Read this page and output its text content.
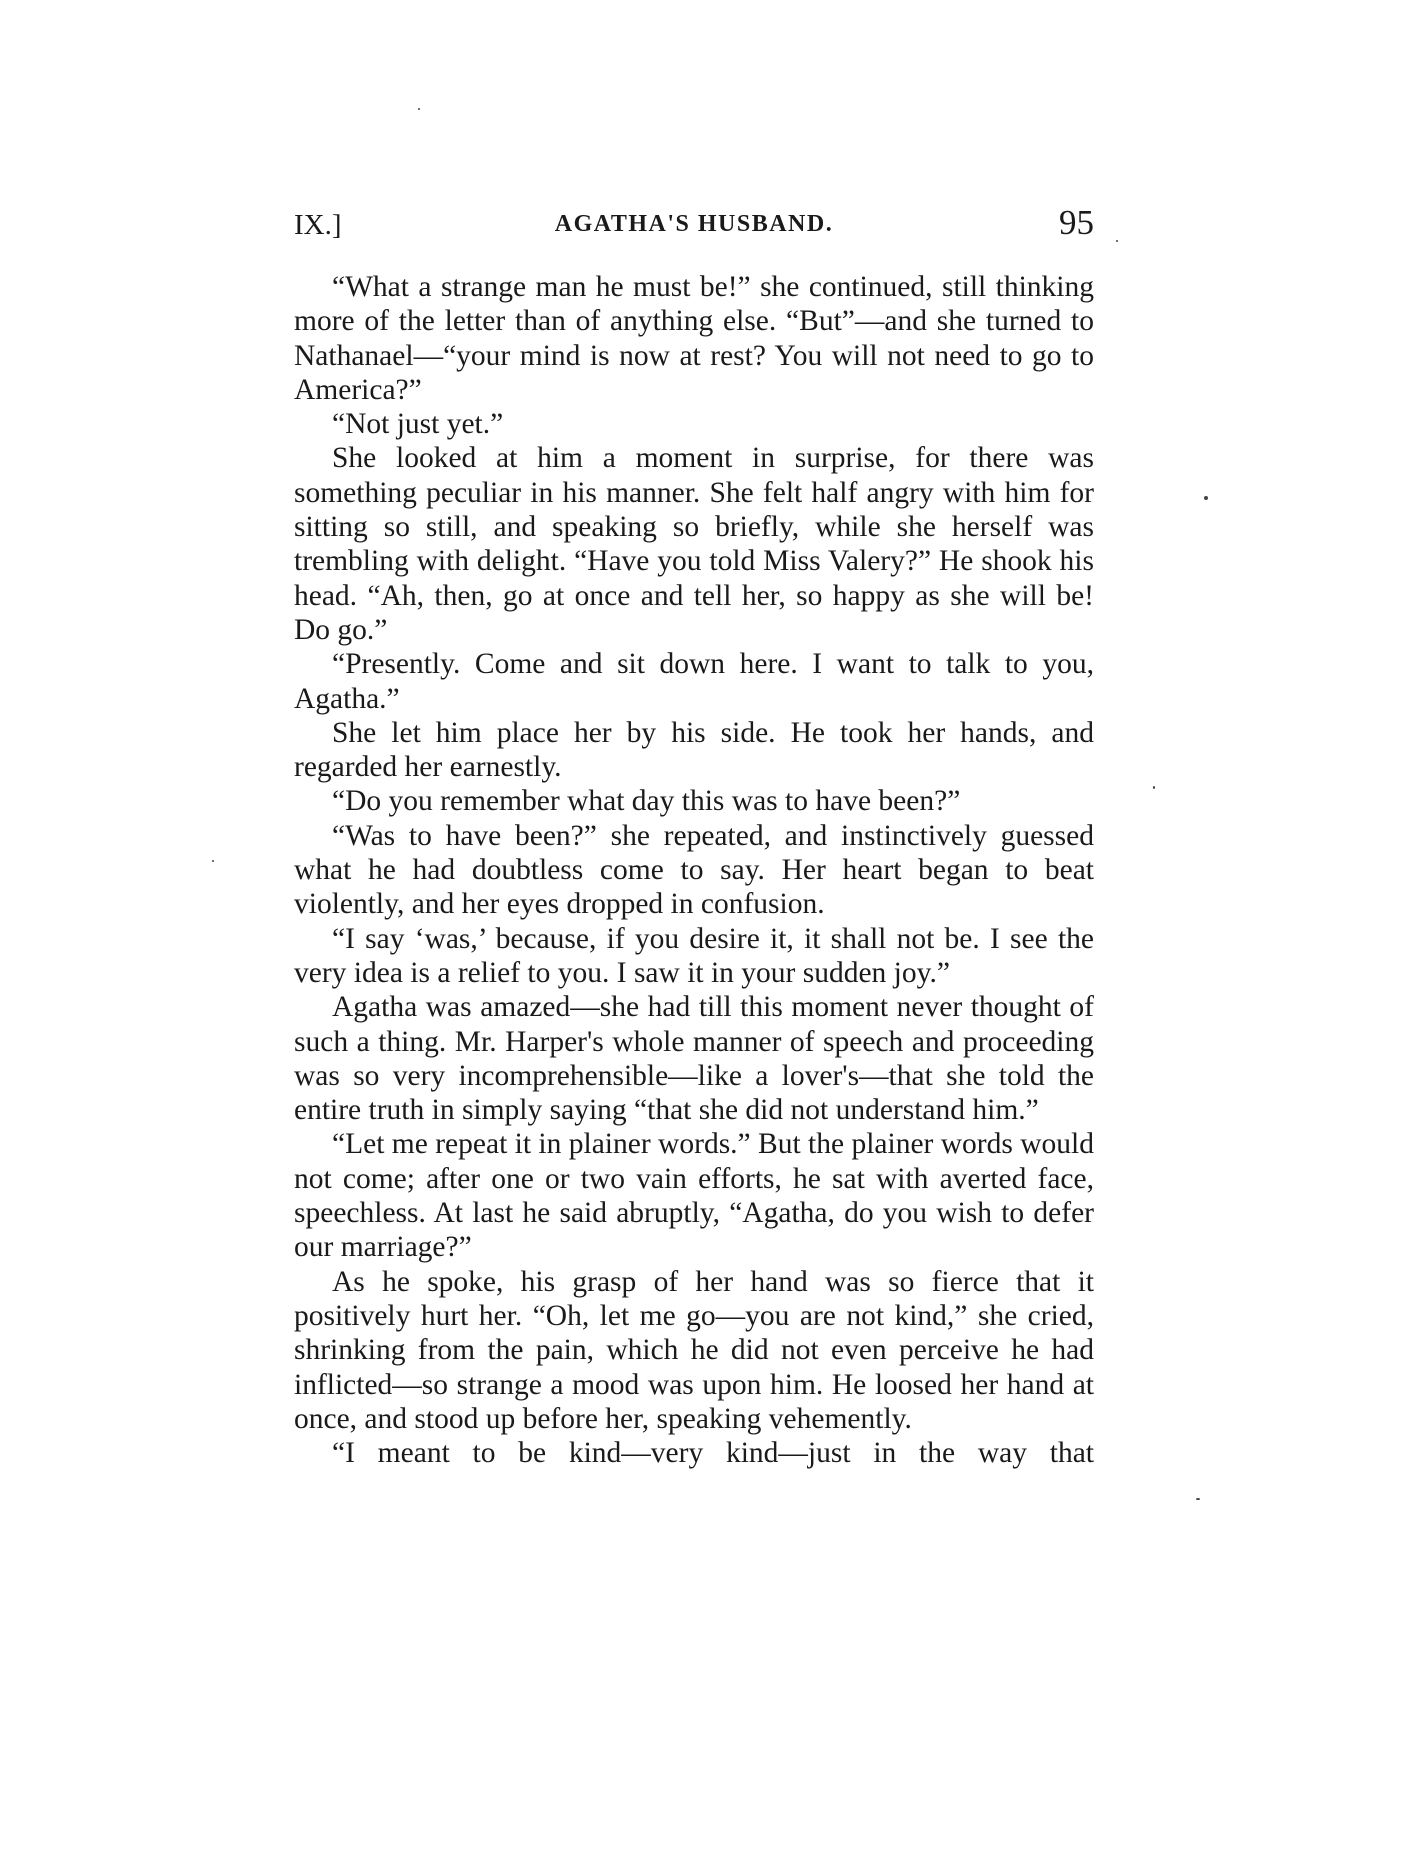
IX.]	AGATHA'S HUSBAND.	95

“What a strange man he must be!” she continued, still thinking more of the letter than of anything else. “But”—and she turned to Nathanael—“your mind is now at rest? You will not need to go to America?”

“Not just yet.”

She looked at him a moment in surprise, for there was something peculiar in his manner. She felt half angry with him for sitting so still, and speaking so briefly, while she herself was trembling with delight. “Have you told Miss Valery?” He shook his head. “Ah, then, go at once and tell her, so happy as she will be! Do go.”

“Presently. Come and sit down here. I want to talk to you, Agatha.”

She let him place her by his side. He took her hands, and regarded her earnestly.

“Do you remember what day this was to have been?”

“Was to have been?” she repeated, and instinctively guessed what he had doubtless come to say. Her heart began to beat violently, and her eyes dropped in confusion.

“I say ‘was,’ because, if you desire it, it shall not be. I see the very idea is a relief to you. I saw it in your sudden joy.”

Agatha was amazed—she had till this moment never thought of such a thing. Mr. Harper's whole manner of speech and proceeding was so very incomprehensible—like a lover's—that she told the entire truth in simply saying “that she did not understand him.”

“Let me repeat it in plainer words.” But the plainer words would not come; after one or two vain efforts, he sat with averted face, speechless. At last he said abruptly, “Agatha, do you wish to defer our marriage?”

As he spoke, his grasp of her hand was so fierce that it positively hurt her. “Oh, let me go—you are not kind,” she cried, shrinking from the pain, which he did not even perceive he had inflicted—so strange a mood was upon him. He loosed her hand at once, and stood up before her, speaking vehemently.

“I meant to be kind—very kind—just in the way that
